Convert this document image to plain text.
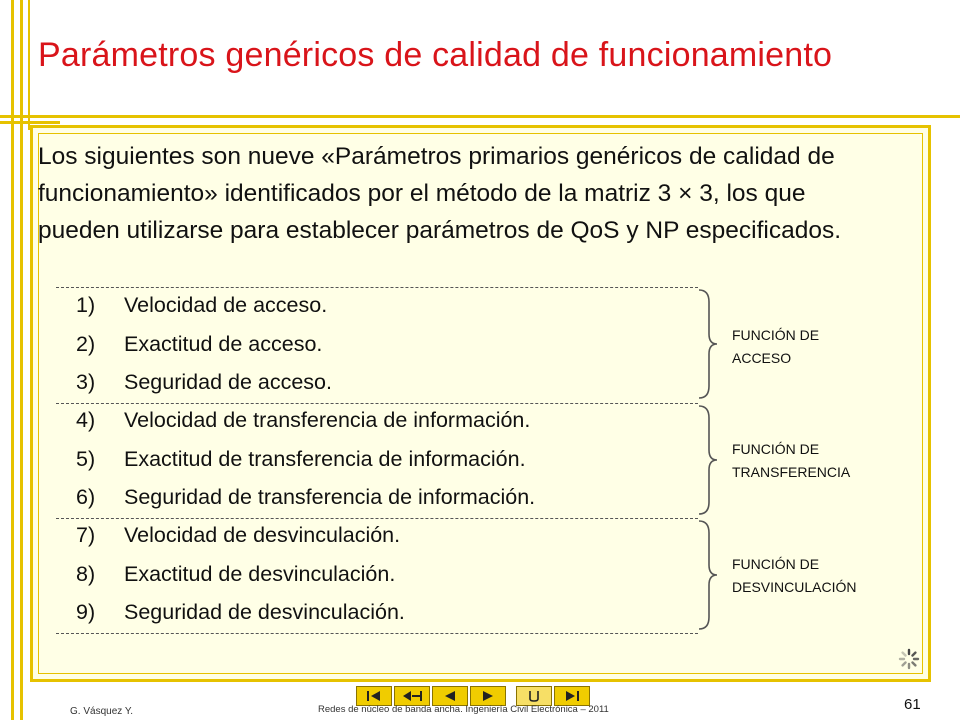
Parámetros genéricos de calidad de funcionamiento
Los siguientes son nueve «Parámetros primarios genéricos de calidad de funcionamiento» identificados por el método de la matriz 3 × 3, los que pueden utilizarse para establecer parámetros de QoS y NP especificados.
1) Velocidad de acceso.
2) Exactitud de acceso.
3) Seguridad de acceso.
4) Velocidad de transferencia de información.
5) Exactitud de transferencia de información.
6) Seguridad de transferencia de información.
7) Velocidad de desvinculación.
8) Exactitud de desvinculación.
9) Seguridad de desvinculación.
FUNCIÓN DE
ACCESO
FUNCIÓN DE
TRANSFERENCIA
FUNCIÓN DE
DESVINCULACIÓN
G. Vásquez Y.	Redes de núcleo de banda ancha. Ingeniería Civil Electrónica – 2011	61
